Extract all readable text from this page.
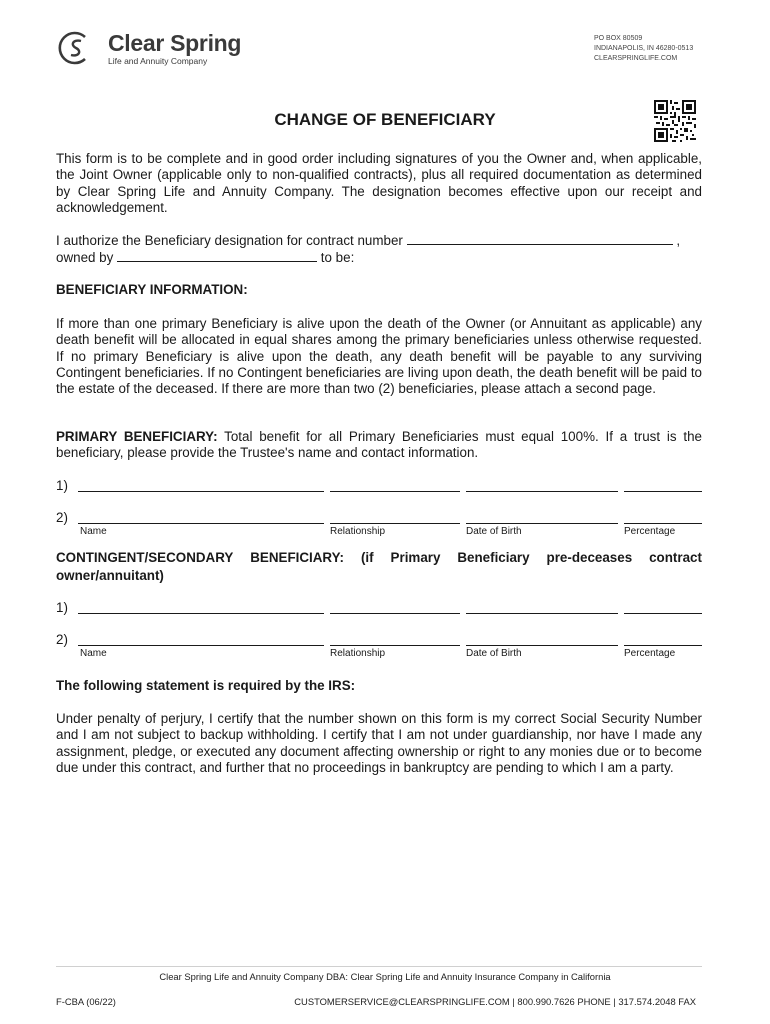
Clear Spring
Life and Annuity Company
PO BOX 80509
INDIANAPOLIS, IN 46280-0513
CLEARSPRINGLIFE.COM
CHANGE OF BENEFICIARY
This form is to be complete and in good order including signatures of you the Owner and, when applicable, the Joint Owner (applicable only to non-qualified contracts), plus all required documentation as determined by Clear Spring Life and Annuity Company. The designation becomes effective upon our receipt and acknowledgement.
I authorize the Beneficiary designation for contract number	,
owned by	to be:
BENEFICIARY INFORMATION:
If more than one primary Beneficiary is alive upon the death of the Owner (or Annuitant as applicable) any death benefit will be allocated in equal shares among the primary beneficiaries unless otherwise requested. If no primary Beneficiary is alive upon the death, any death benefit will be payable to any surviving Contingent beneficiaries. If no Contingent beneficiaries are living upon death, the death benefit will be paid to the estate of the deceased. If there are more than two (2) beneficiaries, please attach a second page.
PRIMARY BENEFICIARY: Total benefit for all Primary Beneficiaries must equal 100%. If a trust is the beneficiary, please provide the Trustee's name and contact information.
1)
2)
Name	Relationship	Date of Birth	Percentage
CONTINGENT/SECONDARY BENEFICIARY: (if Primary Beneficiary pre-deceases contract
owner/annuitant)
1)
2)
Name	Relationship	Date of Birth	Percentage
The following statement is required by the IRS:
Under penalty of perjury, I certify that the number shown on this form is my correct Social Security Number and I am not subject to backup withholding. I certify that I am not under guardianship, nor have I made any assignment, pledge, or executed any document affecting ownership or right to any monies due or to become due under this contract, and further that no proceedings in bankruptcy are pending to which I am a party.
Clear Spring Life and Annuity Company DBA: Clear Spring Life and Annuity Insurance Company in California
F-CBA (06/22)	CUSTOMERSERVICE@CLEARSPRINGLIFE.COM | 800.990.7626 PHONE | 317.574.2048 FAX
